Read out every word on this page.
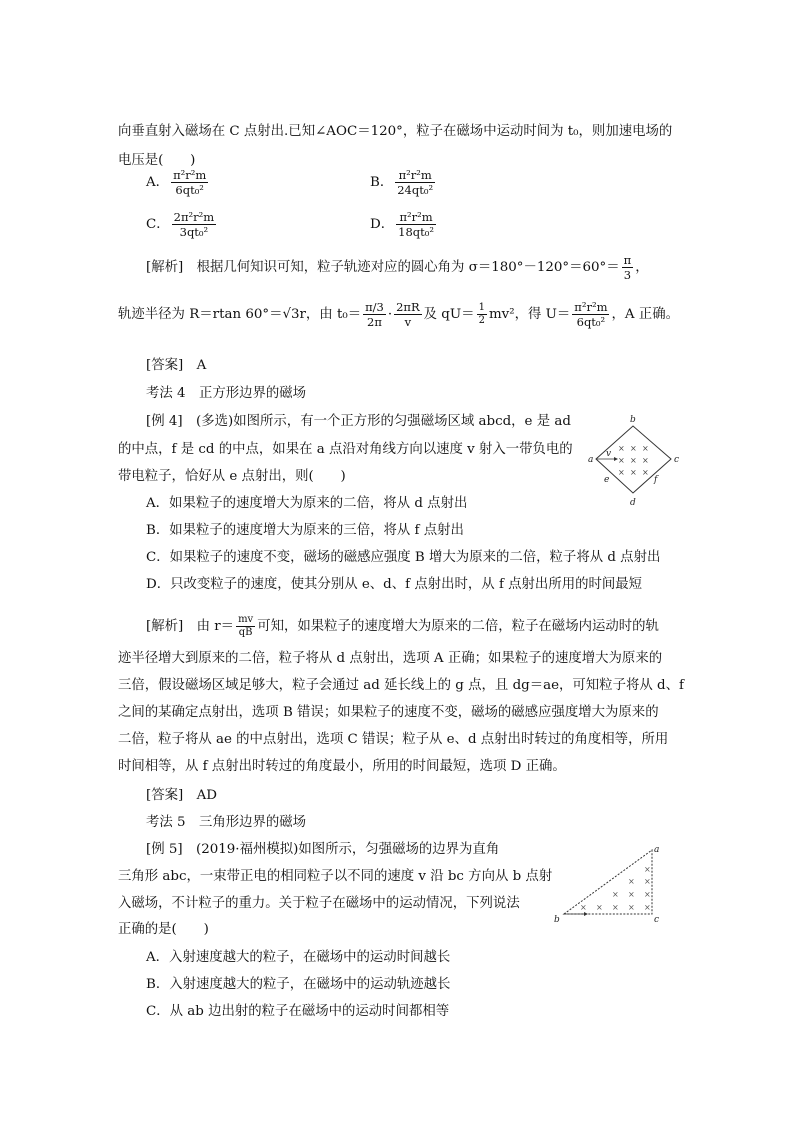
向垂直射入磁场在 C 点射出.已知∠AOC＝120°，粒子在磁场中运动时间为 t₀，则加速电场的
电压是(　　)
A． $\frac{\text{π²r²m}}{\text{6qt₀²}}$	B． $\frac{\text{π²r²m}}{\text{24qt₀²}}$
C． $\frac{\text{2π²r²m}}{\text{3qt₀²}}$	D． $\frac{\text{π²r²m}}{\text{18qt₀²}}$
[解析]　 根据几何知识可知，粒子轨迹对应的圆心角为 $\sigma=180^\circ-120^\circ=60^\circ= \frac{\pi}{3}$ ，
轨迹半径为 R＝rtan 60°＝√3r，由 $t_0= \frac{\pi/3}{2\pi} \cdot \frac{2\pi R}{v}$ 及 $qU= \frac{1}{2} mv^2$，得 $U= \frac{\text{π²r²m}}{\text{6qt₀²}}$ ，A 正确。
[答案]　 A
考法 4　正方形边界的磁场
[例 4]　(多选)如图所示，有一个正方形的匀强磁场区域 abcd，e 是 ad
的中点，f 是 cd 的中点，如果在 a 点沿对角线方向以速度 v 射入一带负电的
带电粒子，恰好从 e 点射出，则(　　)
× × ×
× × ×
× × ×
b
a	c
d
e	f
v
A．如果粒子的速度增大为原来的二倍，将从 d 点射出
B．如果粒子的速度增大为原来的三倍，将从 f 点射出
C．如果粒子的速度不变，磁场的磁感应强度 B 增大为原来的二倍，粒子将从 d 点射出
D．只改变粒子的速度，使其分别从 e、d、f 点射出时，从 f 点射出所用的时间最短
[解析]　 由 $r= \frac{mv}{qB}$ 可知，如果粒子的速度增大为原来的二倍，粒子在磁场内运动时的轨
迹半径增大到原来的二倍，粒子将从 d 点射出，选项 A 正确；如果粒子的速度增大为原来的
三倍，假设磁场区域足够大，粒子会通过 ad 延长线上的 g 点，且 dg＝ae，可知粒子将从 d、f
之间的某确定点射出，选项 B 错误；如果粒子的速度不变，磁场的磁感应强度增大为原来的
二倍，粒子将从 ae 的中点射出，选项 C 错误；粒子从 e、d 点射出时转过的角度相等，所用
时间相等，从 f 点射出时转过的角度最小，所用的时间最短，选项 D 正确。
[答案]　 AD
考法 5　三角形边界的磁场
[例 5]　(2019·福州模拟)如图所示，匀强磁场的边界为直角
三角形 abc，一束带正电的相同粒子以不同的速度 v 沿 bc 方向从 b 点射
入磁场，不计粒子的重力。关于粒子在磁场中的运动情况，下列说法
正确的是(　　)
×
× ×
× × ×
× × × × ×
a
b	c
A．入射速度越大的粒子，在磁场中的运动时间越长
B．入射速度越大的粒子，在磁场中的运动轨迹越长
C．从 ab 边出射的粒子在磁场中的运动时间都相等
